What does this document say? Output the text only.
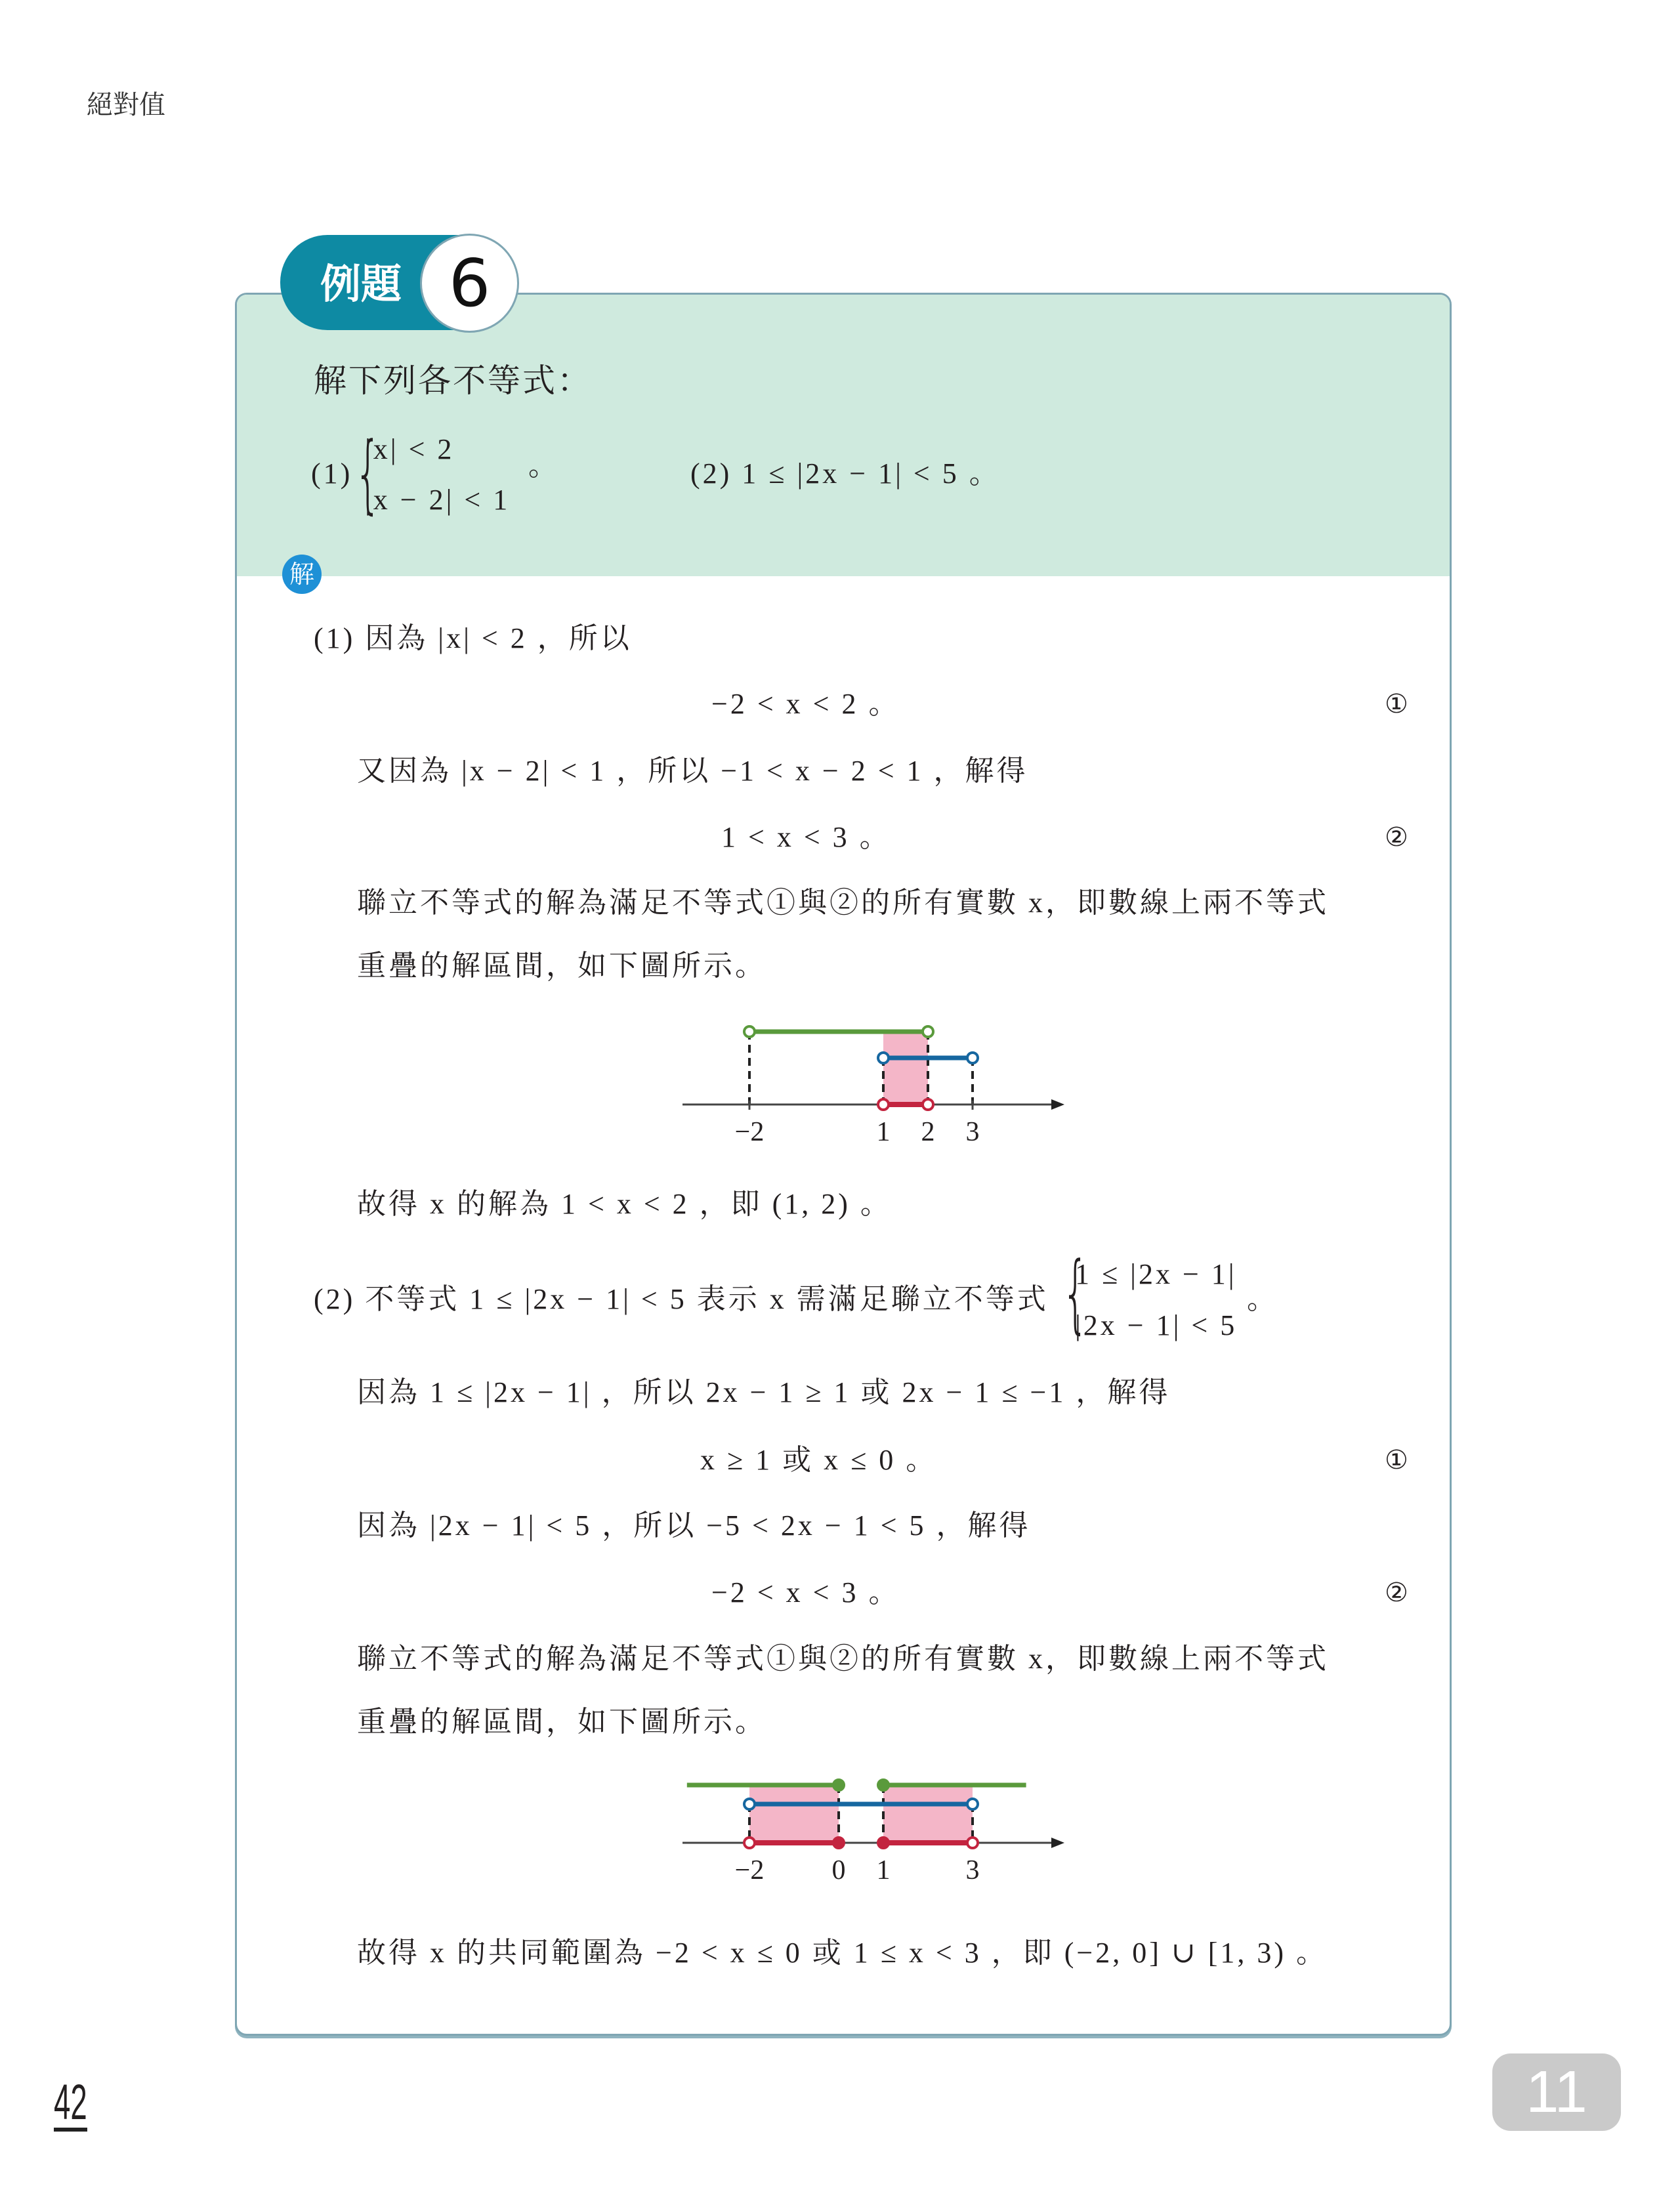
絕對值
例題 6
解下列各不等式：
(1) {
|x| < 2
|x − 2| < 1
。	(2) 1 ≤ |2x − 1| < 5 。
解
(1) 因為 |x| < 2 ，所以
−2 < x < 2 。	①
又因為 |x − 2| < 1 ，所以 −1 < x − 2 < 1 ，解得
1 < x < 3 。	②
聯立不等式的解為滿足不等式①與②的所有實數 x，即數線上兩不等式
重疊的解區間，如下圖所示。
−2	1 2 3
故得 x 的解為 1 < x < 2 ，即 (1, 2) 。
(2) 不等式 1 ≤ |2x − 1| < 5 表示 x 需滿足聯立不等式 {
1 ≤ |2x − 1|
|2x − 1| < 5
。
因為 1 ≤ |2x − 1| ，所以 2x − 1 ≥ 1 或 2x − 1 ≤ −1 ，解得
x ≥ 1 或 x ≤ 0 。	①
因為 |2x − 1| < 5 ，所以 −5 < 2x − 1 < 5 ，解得
−2 < x < 3 。	②
聯立不等式的解為滿足不等式①與②的所有實數 x，即數線上兩不等式
重疊的解區間，如下圖所示。
−2 0 1	3
故得 x 的共同範圍為 −2 < x ≤ 0 或 1 ≤ x < 3 ，即 (−2, 0] ∪ [1, 3) 。
42	11
